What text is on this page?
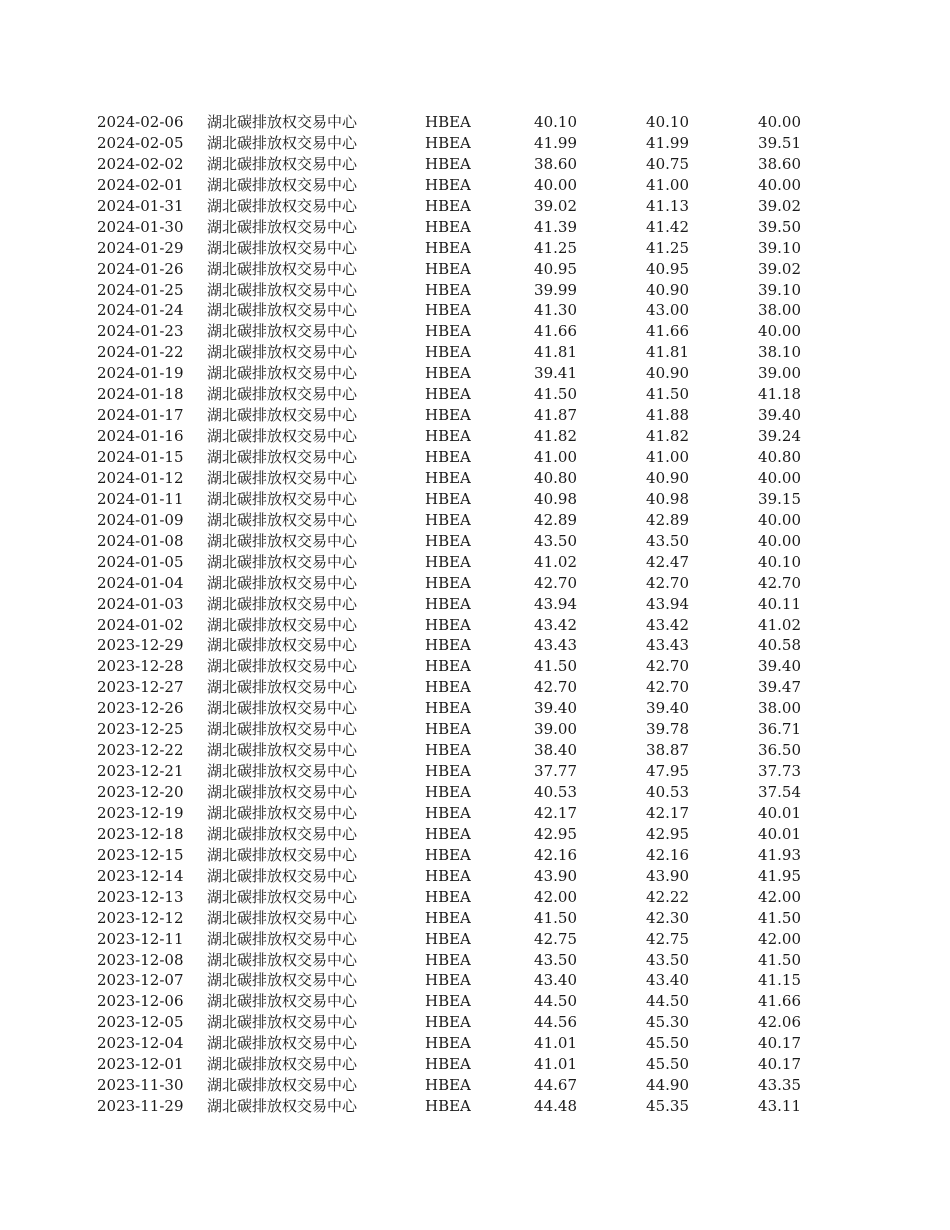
2024-02-06 湖北碳排放权交易中心	HBEA	40.10	40.10	40.00
2024-02-05 湖北碳排放权交易中心	HBEA	41.99	41.99	39.51
2024-02-02 湖北碳排放权交易中心	HBEA	38.60	40.75	38.60
2024-02-01 湖北碳排放权交易中心	HBEA	40.00	41.00	40.00
2024-01-31 湖北碳排放权交易中心	HBEA	39.02	41.13	39.02
2024-01-30 湖北碳排放权交易中心	HBEA	41.39	41.42	39.50
2024-01-29 湖北碳排放权交易中心	HBEA	41.25	41.25	39.10
2024-01-26 湖北碳排放权交易中心	HBEA	40.95	40.95	39.02
2024-01-25 湖北碳排放权交易中心	HBEA	39.99	40.90	39.10
2024-01-24 湖北碳排放权交易中心	HBEA	41.30	43.00	38.00
2024-01-23 湖北碳排放权交易中心	HBEA	41.66	41.66	40.00
2024-01-22 湖北碳排放权交易中心	HBEA	41.81	41.81	38.10
2024-01-19 湖北碳排放权交易中心	HBEA	39.41	40.90	39.00
2024-01-18 湖北碳排放权交易中心	HBEA	41.50	41.50	41.18
2024-01-17 湖北碳排放权交易中心	HBEA	41.87	41.88	39.40
2024-01-16 湖北碳排放权交易中心	HBEA	41.82	41.82	39.24
2024-01-15 湖北碳排放权交易中心	HBEA	41.00	41.00	40.80
2024-01-12 湖北碳排放权交易中心	HBEA	40.80	40.90	40.00
2024-01-11 湖北碳排放权交易中心	HBEA	40.98	40.98	39.15
2024-01-09 湖北碳排放权交易中心	HBEA	42.89	42.89	40.00
2024-01-08 湖北碳排放权交易中心	HBEA	43.50	43.50	40.00
2024-01-05 湖北碳排放权交易中心	HBEA	41.02	42.47	40.10
2024-01-04 湖北碳排放权交易中心	HBEA	42.70	42.70	42.70
2024-01-03 湖北碳排放权交易中心	HBEA	43.94	43.94	40.11
2024-01-02 湖北碳排放权交易中心	HBEA	43.42	43.42	41.02
2023-12-29 湖北碳排放权交易中心	HBEA	43.43	43.43	40.58
2023-12-28 湖北碳排放权交易中心	HBEA	41.50	42.70	39.40
2023-12-27 湖北碳排放权交易中心	HBEA	42.70	42.70	39.47
2023-12-26 湖北碳排放权交易中心	HBEA	39.40	39.40	38.00
2023-12-25 湖北碳排放权交易中心	HBEA	39.00	39.78	36.71
2023-12-22 湖北碳排放权交易中心	HBEA	38.40	38.87	36.50
2023-12-21 湖北碳排放权交易中心	HBEA	37.77	47.95	37.73
2023-12-20 湖北碳排放权交易中心	HBEA	40.53	40.53	37.54
2023-12-19 湖北碳排放权交易中心	HBEA	42.17	42.17	40.01
2023-12-18 湖北碳排放权交易中心	HBEA	42.95	42.95	40.01
2023-12-15 湖北碳排放权交易中心	HBEA	42.16	42.16	41.93
2023-12-14 湖北碳排放权交易中心	HBEA	43.90	43.90	41.95
2023-12-13 湖北碳排放权交易中心	HBEA	42.00	42.22	42.00
2023-12-12 湖北碳排放权交易中心	HBEA	41.50	42.30	41.50
2023-12-11 湖北碳排放权交易中心	HBEA	42.75	42.75	42.00
2023-12-08 湖北碳排放权交易中心	HBEA	43.50	43.50	41.50
2023-12-07 湖北碳排放权交易中心	HBEA	43.40	43.40	41.15
2023-12-06 湖北碳排放权交易中心	HBEA	44.50	44.50	41.66
2023-12-05 湖北碳排放权交易中心	HBEA	44.56	45.30	42.06
2023-12-04 湖北碳排放权交易中心	HBEA	41.01	45.50	40.17
2023-12-01 湖北碳排放权交易中心	HBEA	41.01	45.50	40.17
2023-11-30 湖北碳排放权交易中心	HBEA	44.67	44.90	43.35
2023-11-29 湖北碳排放权交易中心	HBEA	44.48	45.35	43.11
